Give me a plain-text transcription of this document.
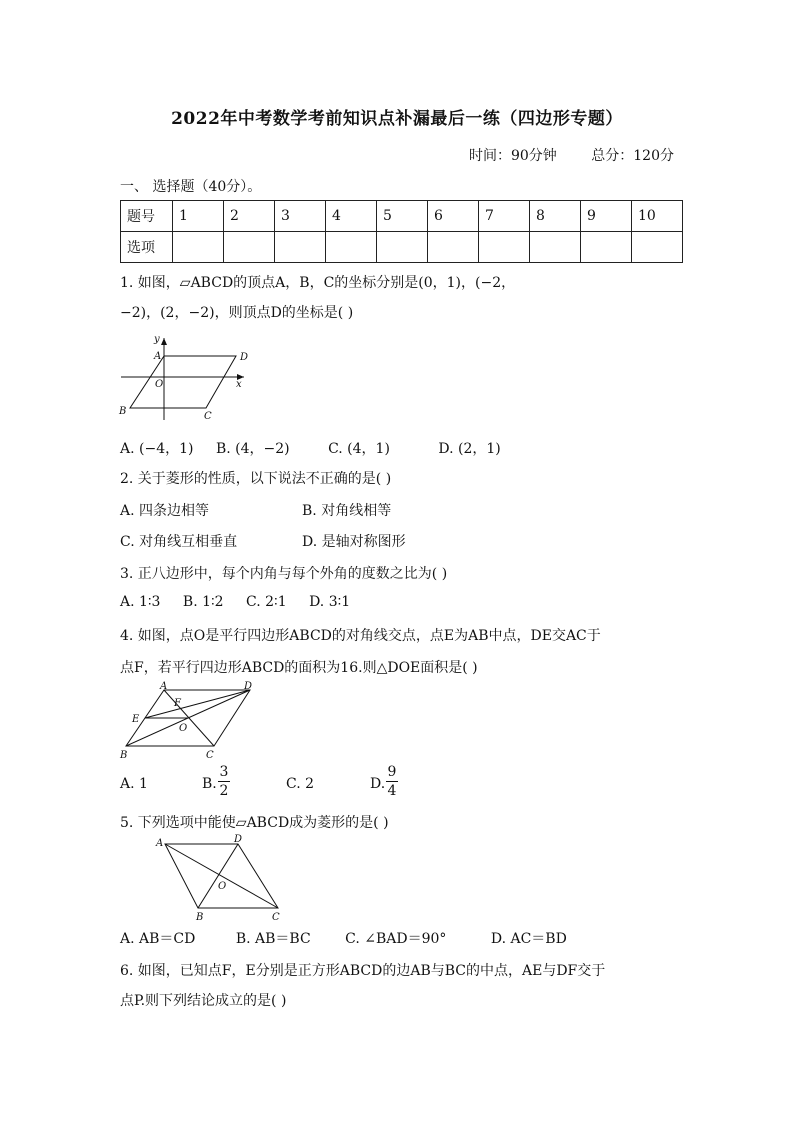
2022年中考数学考前知识点补漏最后一练（四边形专题）
时间：90分钟 总分：120分
一、 选择题（40分）。
题号	1	2	3	4	5	6	7	8	9	10
选项										
1. 如图，▱ABCD的顶点A，B，C的坐标分别是(0，1)，(−2，
−2)，(2，−2)，则顶点D的坐标是( )
y
x
A	D
O
B	C
A. (−4，1) B. (4，−2)	C. (4，1)	D. (2，1)
2. 关于菱形的性质，以下说法不正确的是( )
A. 四条边相等	B. 对角线相等
C. 对角线互相垂直	D. 是轴对称图形
3. 正八边形中，每个内角与每个外角的度数之比为( )
A. 1∶3 B. 1∶2 C. 2∶1 D. 3∶1
4. 如图，点O是平行四边形ABCD的对角线交点，点E为AB中点，DE交AC于
点F，若平行四边形ABCD的面积为16.则△DOE面积是( )
A	D
E
F
O
B	C
A. 1	B.
3
2	C. 2	D.
9
4
5. 下列选项中能使▱ABCD成为菱形的是( )
A	D
O
B	C
A. AB＝CD	B. AB＝BC C. ∠BAD＝90°	D. AC＝BD
6. 如图，已知点F，E分别是正方形ABCD的边AB与BC的中点，AE与DF交于
点P.则下列结论成立的是( )
